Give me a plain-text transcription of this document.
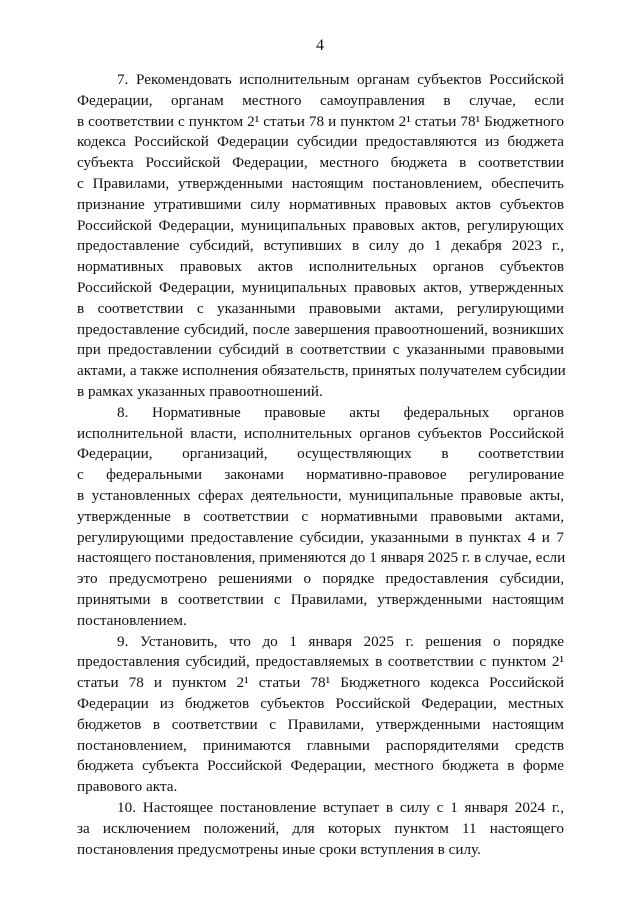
4
7. Рекомендовать исполнительным органам субъектов Российской
Федерации, органам местного самоуправления в случае, если
в соответствии с пунктом 2¹ статьи 78 и пунктом 2¹ статьи 78¹ Бюджетного
кодекса Российской Федерации субсидии предоставляются из бюджета
субъекта Российской Федерации, местного бюджета в соответствии
с Правилами, утвержденными настоящим постановлением, обеспечить
признание утратившими силу нормативных правовых актов субъектов
Российской Федерации, муниципальных правовых актов, регулирующих
предоставление субсидий, вступивших в силу до 1 декабря 2023 г.,
нормативных правовых актов исполнительных органов субъектов
Российской Федерации, муниципальных правовых актов, утвержденных
в соответствии с указанными правовыми актами, регулирующими
предоставление субсидий, после завершения правоотношений, возникших
при предоставлении субсидий в соответствии с указанными правовыми
актами, а также исполнения обязательств, принятых получателем субсидии
в рамках указанных правоотношений.
8. Нормативные правовые акты федеральных органов
исполнительной власти, исполнительных органов субъектов Российской
Федерации, организаций, осуществляющих в соответствии
с федеральными законами нормативно-правовое регулирование
в установленных сферах деятельности, муниципальные правовые акты,
утвержденные в соответствии с нормативными правовыми актами,
регулирующими предоставление субсидии, указанными в пунктах 4 и 7
настоящего постановления, применяются до 1 января 2025 г. в случае, если
это предусмотрено решениями о порядке предоставления субсидии,
принятыми в соответствии с Правилами, утвержденными настоящим
постановлением.
9. Установить, что до 1 января 2025 г. решения о порядке
предоставления субсидий, предоставляемых в соответствии с пунктом 2¹
статьи 78 и пунктом 2¹ статьи 78¹ Бюджетного кодекса Российской
Федерации из бюджетов субъектов Российской Федерации, местных
бюджетов в соответствии с Правилами, утвержденными настоящим
постановлением, принимаются главными распорядителями средств
бюджета субъекта Российской Федерации, местного бюджета в форме
правового акта.
10. Настоящее постановление вступает в силу с 1 января 2024 г.,
за исключением положений, для которых пунктом 11 настоящего
постановления предусмотрены иные сроки вступления в силу.
